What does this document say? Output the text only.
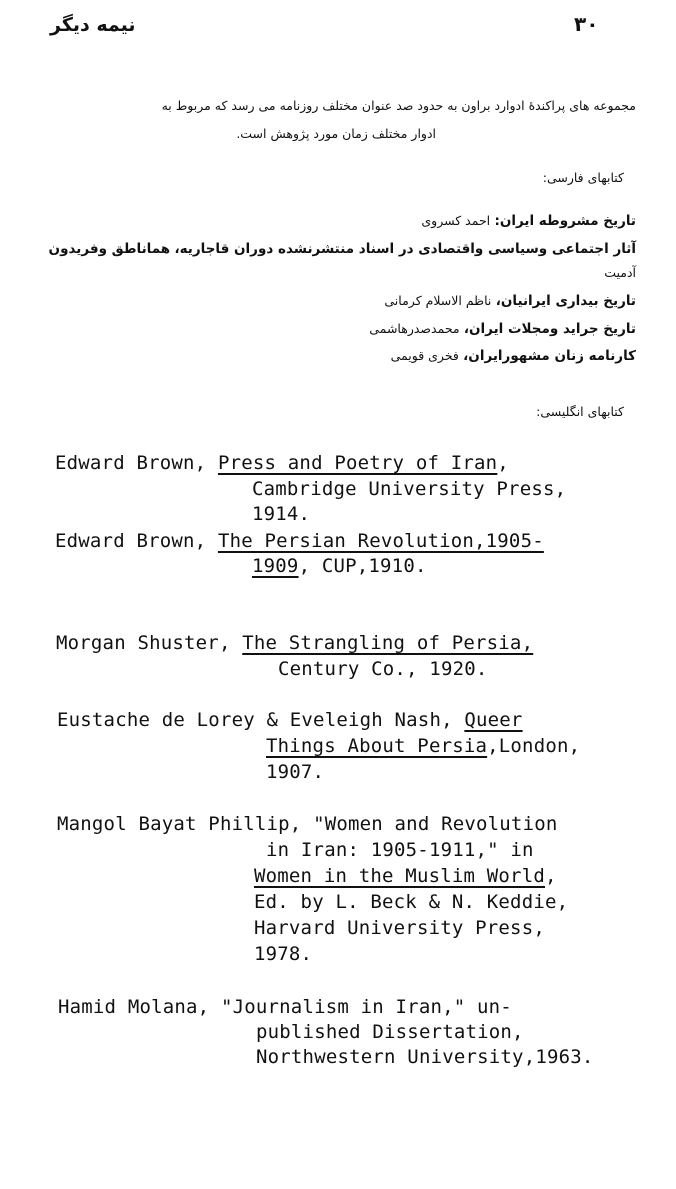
نیمه دیگر	۳۰
مجموعه های پراکندۀ ادوارد براون به حدود صد عنوان مختلف روزنامه می رسد که مربوط به
ادوار مختلف زمان مورد پژوهش است.
کتابهای فارسی:
تاریخ مشروطه ایران: احمد کسروی
آثار اجتماعی وسیاسی واقتصادی در اسناد منتشرنشده دوران قاجاریه، هماناطق وفریدون
آدمیت
تاریخ بیداری ایرانیان، ناظم الاسلام کرمانی
تاریخ جراید ومجلات ایران، محمدصدرهاشمی
کارنامه زنان مشهورایران، فخری قویمی
کتابهای انگلیسی:
Edward Brown, Press and Poetry of Iran,
Cambridge University Press,
1914.
Edward Brown, The Persian Revolution,1905-
1909, CUP,1910.
Morgan Shuster, The Strangling of Persia,
Century Co., 1920.
Eustache de Lorey & Eveleigh Nash, Queer
Things About Persia,London,
1907.
Mangol Bayat Phillip, "Women and Revolution
in Iran: 1905-1911," in
Women in the Muslim World,
Ed. by L. Beck & N. Keddie,
Harvard University Press,
1978.
Hamid Molana, "Journalism in Iran," un-
published Dissertation,
Northwestern University,1963.
